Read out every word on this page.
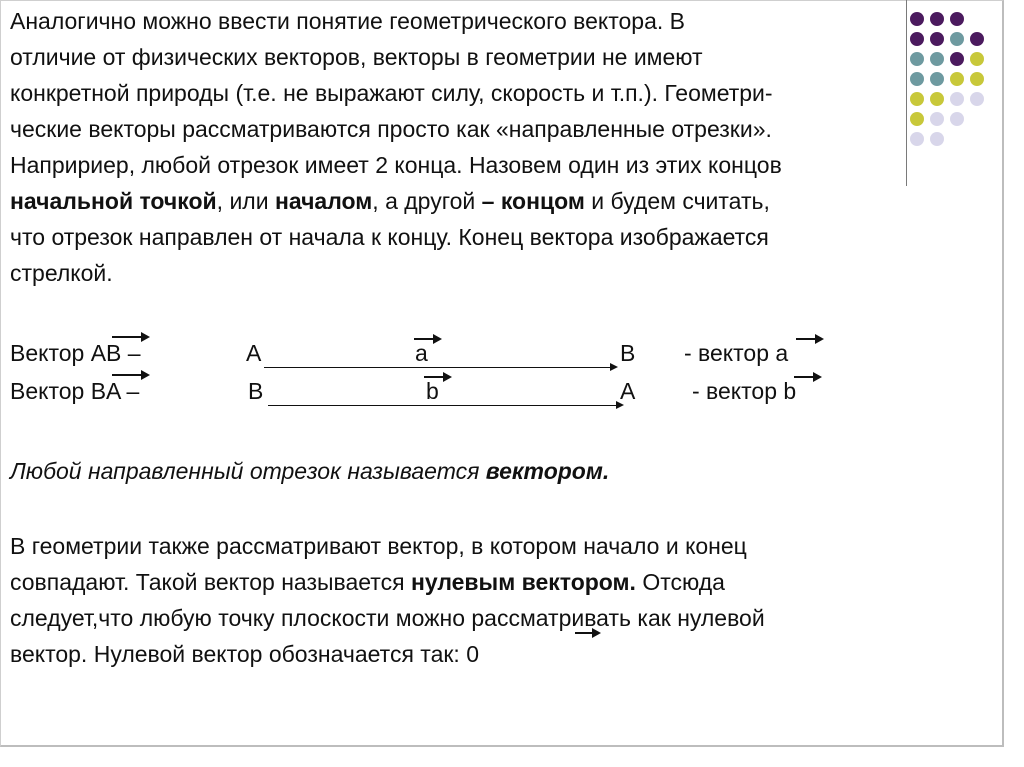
Аналогично можно ввести понятие геометрического вектора. В
отличие от физических векторов, векторы в геометрии не имеют
конкретной природы (т.е. не выражают силу, скорость и т.п.). Геометри-
ческие векторы рассматриваются просто как «направленные отрезки».
Напририер, любой отрезок имеет 2 конца. Назовем один из этих концов
начальной точкой, или началом, а другой – концом и будем считать,
что отрезок направлен от начала к концу. Конец вектора изображается
стрелкой.
Вектор AB –	A	a	B - вектор a
Вектор BA –	B	b	A - вектор b
Любой направленный отрезок называется вектором.
В геометрии также рассматривают вектор, в котором начало и конец
совпадают. Такой вектор называется нулевым вектором. Отсюда
следует,что любую точку плоскости можно рассматривать как нулевой
вектор. Нулевой вектор обозначается так: 0
